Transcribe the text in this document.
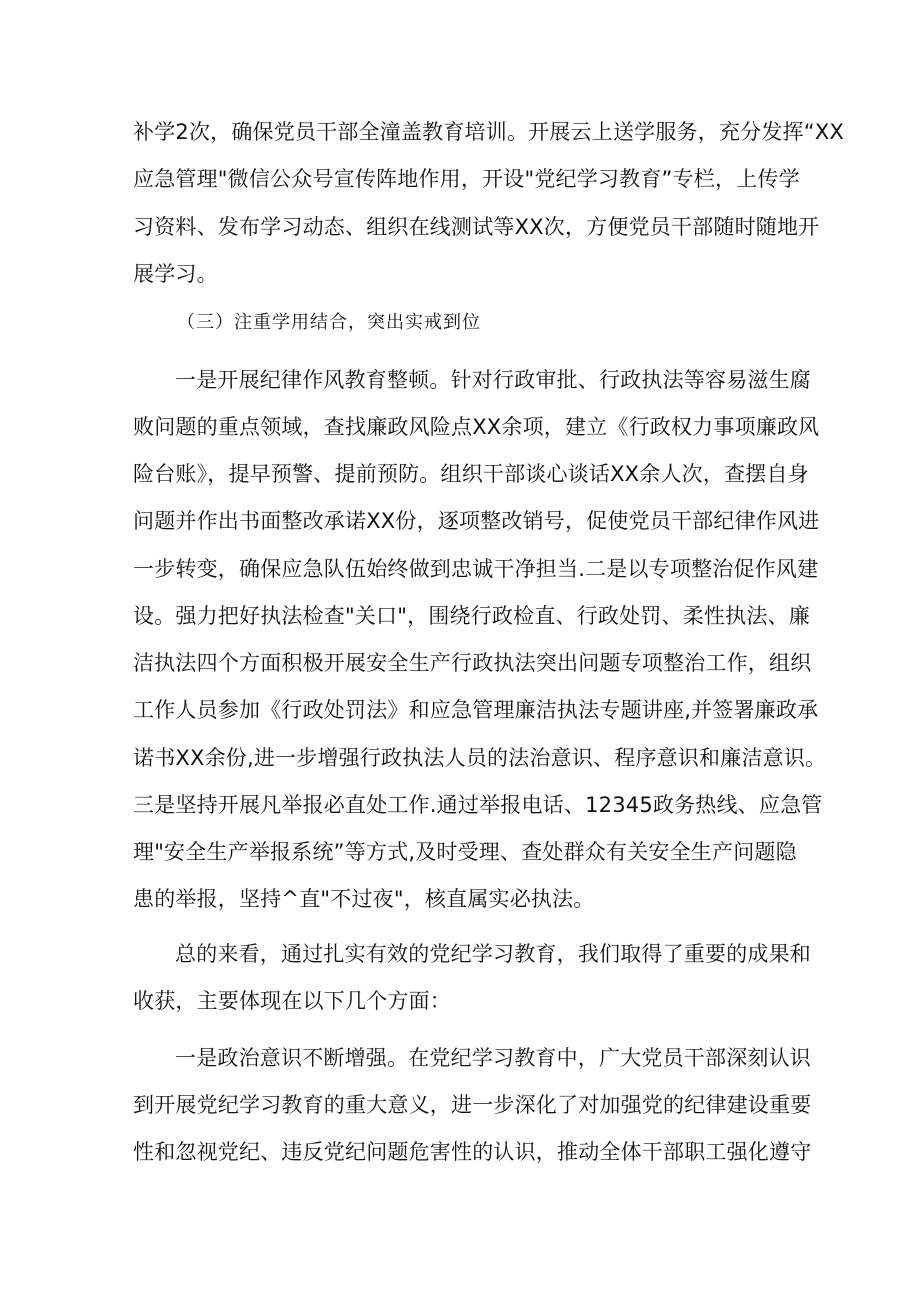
补学2次，确保党员干部全潼盖教育培训。开展云上送学服务，充分发挥“XX
应急管理"微信公众号宣传阵地作用，开设"党纪学习教育”专栏，上传学
习资料、发布学习动态、组织在线测试等XX次，方便党员干部随时随地开
展学习。
（三）注重学用结合，突出实戒到位
一是开展纪律作风教育整顿。针对行政审批、行政执法等容易滋生腐
败问题的重点领域，查找廉政风险点XX余项，建立《行政权力事项廉政风
险台账》，提早预警、提前预防。组织干部谈心谈话XX余人次，查摆自身
问题并作出书面整改承诺XX份，逐项整改销号，促使党员干部纪律作风进
一步转变，确保应急队伍始终做到忠诚干净担当.二是以专项整治促作风建
设。强力把好执法检查"关口"，围绕行政检直、行政处罚、柔性执法、廉
洁执法四个方面积极开展安全生产行政执法突出问题专项整治工作，组织
工作人员参加《行政处罚法》和应急管理廉洁执法专题讲座,并签署廉政承
诺书XX余份,进一步增强行政执法人员的法治意识、程序意识和廉洁意识。
三是坚持开展凡举报必直处工作.通过举报电话、12345政务热线、应急管
理"安全生产举报系统”等方式,及时受理、查处群众有关安全生产问题隐
患的举报，坚持^直"不过夜"，核直属实必执法。
总的来看，通过扎实有效的党纪学习教育，我们取得了重要的成果和
收获，主要体现在以下几个方面：
一是政治意识不断增强。在党纪学习教育中，广大党员干部深刻认识
到开展党纪学习教育的重大意义，进一步深化了对加强党的纪律建设重要
性和忽视党纪、违反党纪问题危害性的认识，推动全体干部职工强化遵守
